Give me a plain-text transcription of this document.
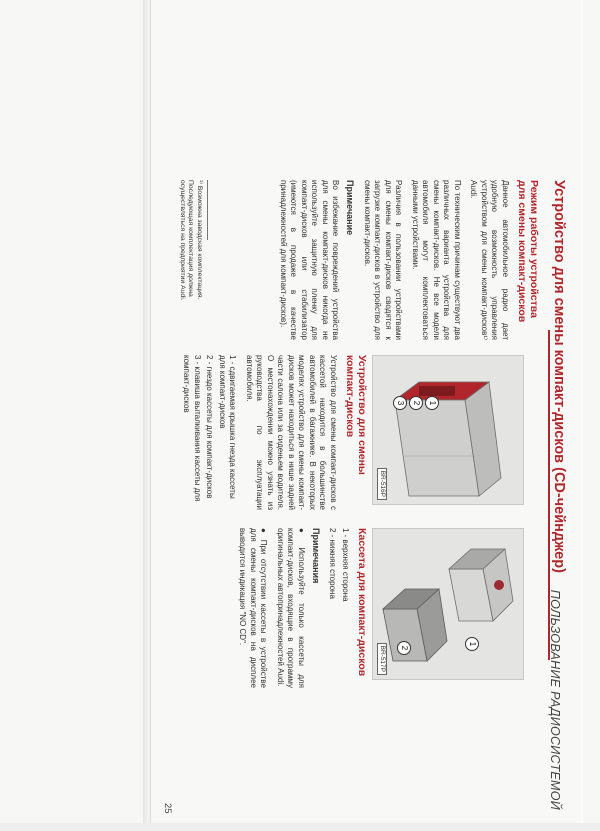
ПОЛЬЗОВАНИЕ РАДИОСИСТЕМОЙ
Устройство для смены компакт-дисков (CD-чейнджер)
Режим работы устройства для смены компакт-дисков

Данное автомобильное радио дает удобную возможность управления устройством для смены компакт-дисков¹⁾ Audi.

По техническим причинам существуют два различных варианта устройства для смены компакт-дисков. Не все модели автомобиля могут комплектоваться данными устройствами.

Различия в пользовании устройствами для смены компакт-дисков сводятся к загрузке компакт-дисков в устройство для смены компакт-дисков.

Примечание

Во избежание повреждений устройства для смены компакт-дисков никогда не используйте защитную пленку для компакт-дисков или стабилизатор (имеются в продаже в качестве принадлежностей для компакт-дисков).

¹⁾ Возможна заводская комплектация. Последующая комплектация должна осуществляться на предприятии Audi.
1
2
3
BR-516P
Устройство для смены компакт-дисков

Устройство для смены компакт-дисков с кассетой находится в большинстве автомобилей в багажнике. В некоторых моделях устройство для смены компакт-дисков может находиться в нише задней части салона или за сиденьем водителя. О местонахождении можно узнать из руководства по эксплуатации автомобиля.

1 - сдвигаемая крышка гнезда кассеты для компакт-дисков
2 - гнездо кассеты для компакт-дисков
3 - клавиша выталкивания кассеты для компакт-дисков
1
2
BR-517P
Кассета для компакт-дисков
1 - верхняя сторона
2 - нижняя сторона
Примечания
● Используйте только кассеты для компакт-дисков, входящие в программу оригинальных автопринадлежностей Audi.
● При отсутствии кассеты в устройстве для смены компакт-дисков на дисплее выводится индикация "NO CD".
25
